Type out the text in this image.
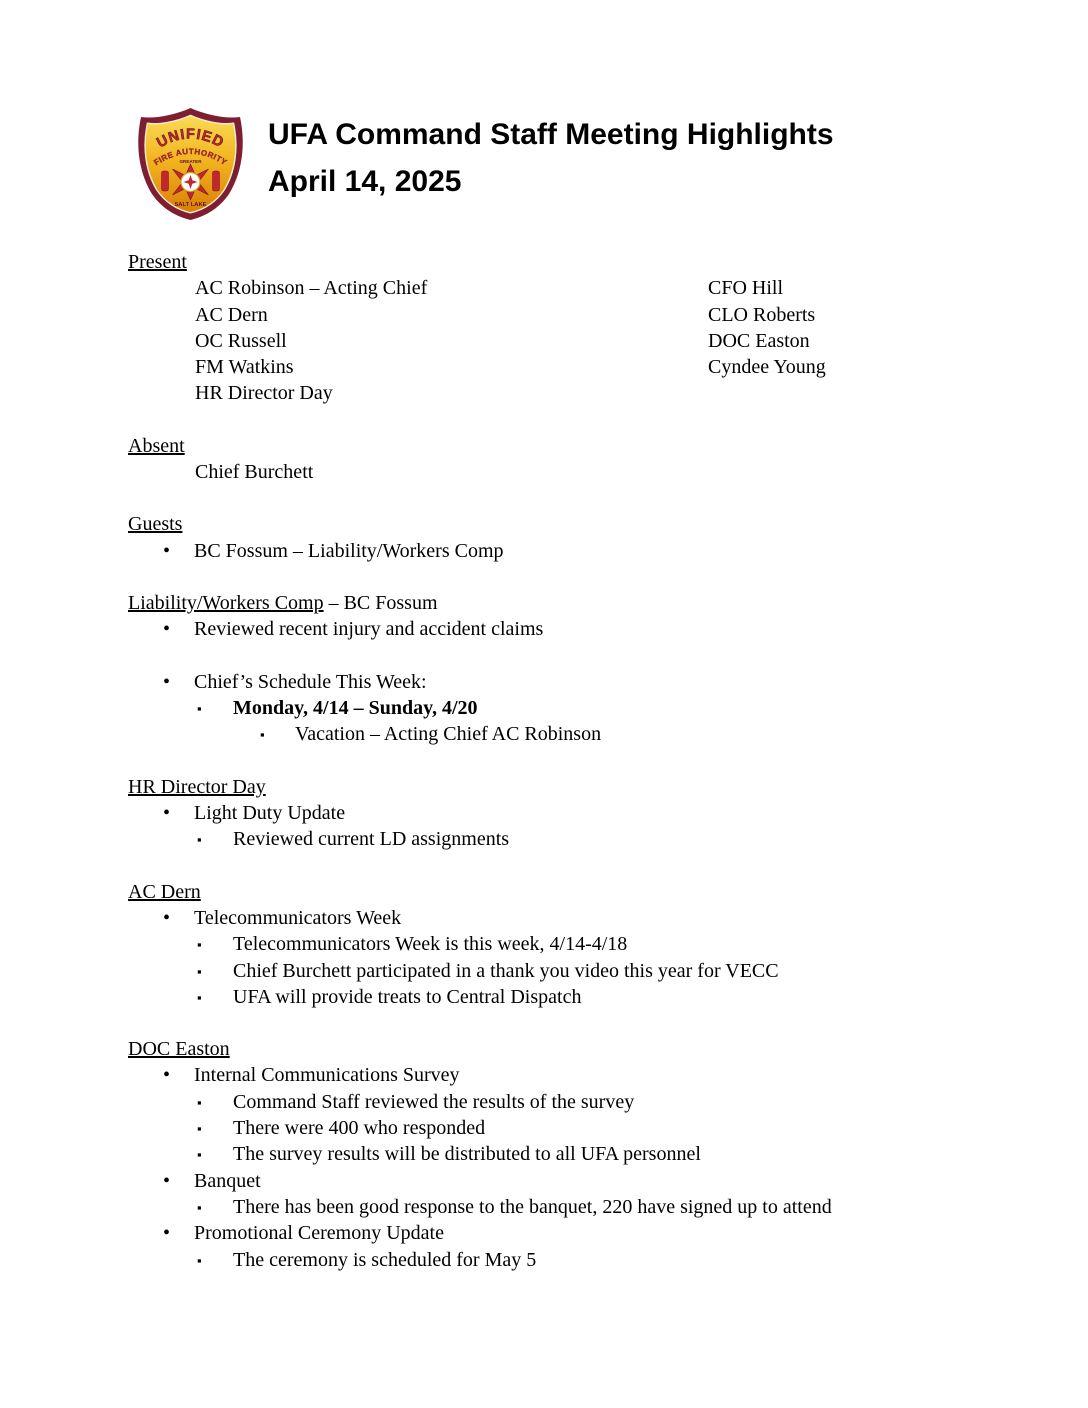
UNIFIED
FIRE AUTHORITY
GREATER
SALT LAKE
UFA Command Staff Meeting Highlights
April 14, 2025
Present
AC Robinson – Acting Chief
AC Dern
OC Russell
FM Watkins
HR Director Day
CFO Hill
CLO Roberts
DOC Easton
Cyndee Young
Absent
Chief Burchett
Guests
• BC Fossum – Liability/Workers Comp
Liability/Workers Comp – BC Fossum
• Reviewed recent injury and accident claims
• Chief’s Schedule This Week:
▪ Monday, 4/14 – Sunday, 4/20
▪ Vacation – Acting Chief AC Robinson
HR Director Day
• Light Duty Update
▪ Reviewed current LD assignments
AC Dern
• Telecommunicators Week
▪ Telecommunicators Week is this week, 4/14-4/18
▪ Chief Burchett participated in a thank you video this year for VECC
▪ UFA will provide treats to Central Dispatch
DOC Easton
• Internal Communications Survey
▪ Command Staff reviewed the results of the survey
▪ There were 400 who responded
▪ The survey results will be distributed to all UFA personnel
• Banquet
▪ There has been good response to the banquet, 220 have signed up to attend
• Promotional Ceremony Update
▪ The ceremony is scheduled for May 5
